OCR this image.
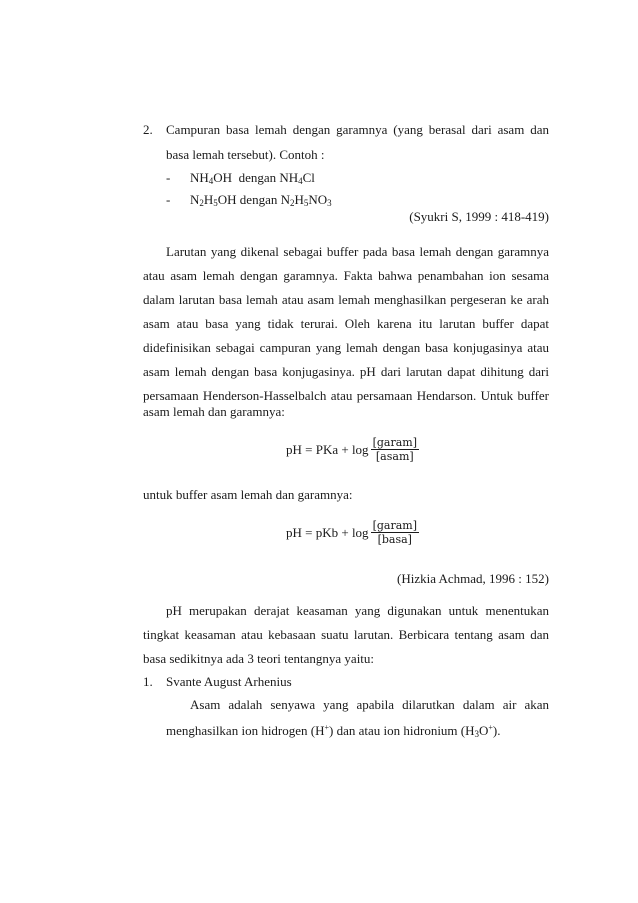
2. Campuran basa lemah dengan garamnya (yang berasal dari asam dan
basa lemah tersebut). Contoh :
- $NH_4OH$ dengan $NH_4Cl$
- $N_2H_5OH$ dengan $N_2H_5NO_3$
(Syukri S, 1999 : 418-419)
Larutan yang dikenal sebagai buffer pada basa lemah dengan garamnya
atau asam lemah dengan garamnya. Fakta bahwa penambahan ion sesama
dalam larutan basa lemah atau asam lemah menghasilkan pergeseran ke arah
asam atau basa yang tidak terurai. Oleh karena itu larutan buffer dapat
didefinisikan sebagai campuran yang lemah dengan basa konjugasinya atau
asam lemah dengan basa konjugasinya. pH dari larutan dapat dihitung dari
persamaan Henderson-Hasselbalch atau persamaan Hendarson. Untuk buffer
asam lemah dan garamnya:
pH = PKa + $\log \frac{\text{[garam]}}{\text{[asam]}}$
untuk buffer asam lemah dan garamnya:
pH = pKb + $\log \frac{\text{[garam]}}{\text{[basa]}}$
(Hizkia Achmad, 1996 : 152)
pH merupakan derajat keasaman yang digunakan untuk menentukan
tingkat keasaman atau kebasaan suatu larutan. Berbicara tentang asam dan
basa sedikitnya ada 3 teori tentangnya yaitu:
1. Svante August Arhenius
Asam adalah senyawa yang apabila dilarutkan dalam air akan
menghasilkan ion hidrogen (H+) dan atau ion hidronium $(H_3O^+)$.
